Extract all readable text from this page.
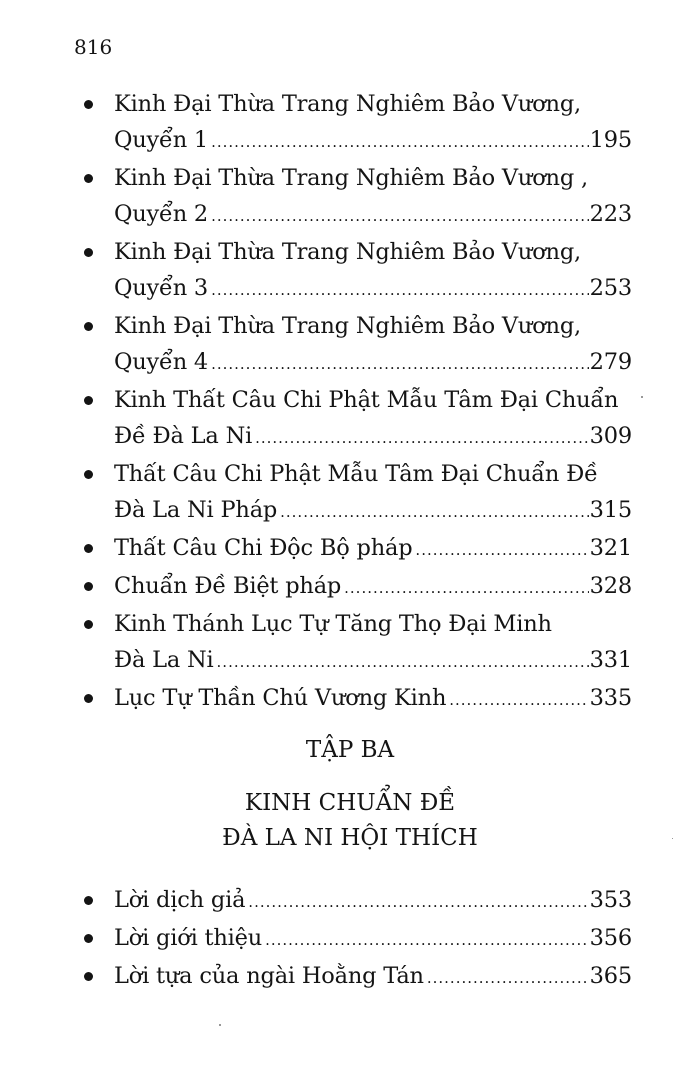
816
Kinh Đại Thừa Trang Nghiêm Bảo Vương,
Quyển 1 .....	195
Kinh Đại Thừa Trang Nghiêm Bảo Vương ,
Quyển 2 .....	223
Kinh Đại Thừa Trang Nghiêm Bảo Vương,
Quyển 3 .....	253
Kinh Đại Thừa Trang Nghiêm Bảo Vương,
Quyển 4 .....	279
Kinh Thất Câu Chi Phật Mẫu Tâm Đại Chuẩn
Đề Đà La Ni .....	309
Thất Câu Chi Phật Mẫu Tâm Đại Chuẩn Đề
Đà La Ni Pháp .....	315
Thất Câu Chi Độc Bộ pháp .....	321
Chuẩn Đề Biệt pháp .....	328
Kinh Thánh Lục Tự Tăng Thọ Đại Minh
Đà La Ni .....	331
Lục Tự Thần Chú Vương Kinh .....	335
TẬP BA
KINH CHUẨN ĐỀ
ĐÀ LA NI HỘI THÍCH
Lời dịch giả .....	353
Lời giới thiệu .....	356
Lời tựa của ngài Hoằng Tán .....	365
